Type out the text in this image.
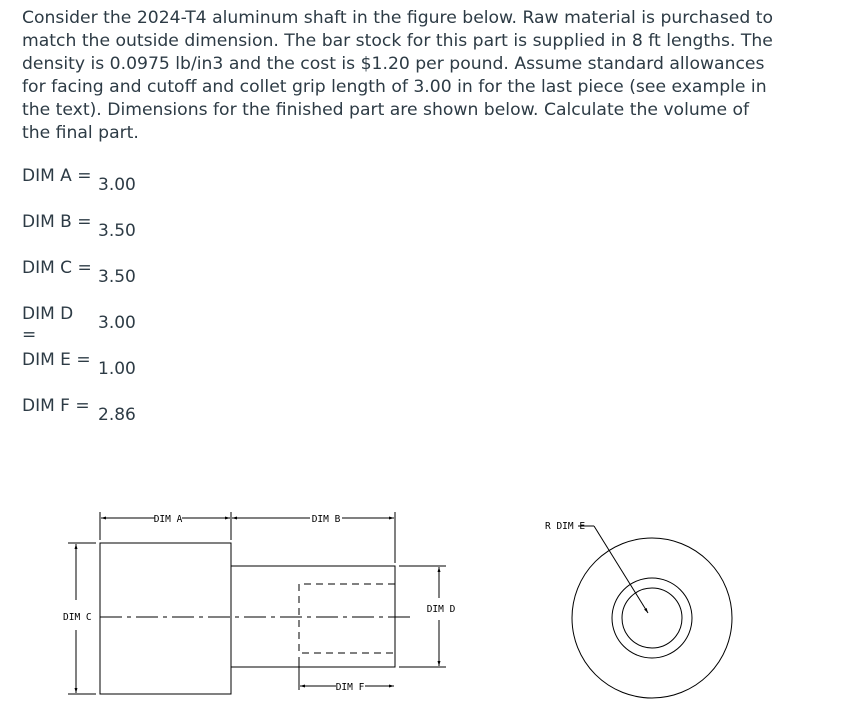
Consider the 2024-T4 aluminum shaft in the figure below. Raw material is purchased to match the outside dimension. The bar stock for this part is supplied in 8 ft lengths. The density is 0.0975 lb/in3 and the cost is $1.20 per pound. Assume standard allowances for facing and cutoff and collet grip length of 3.00 in for the last piece (see example in the text). Dimensions for the finished part are shown below. Calculate the volume of the final part.

DIM A = 3.00
DIM B = 3.50
DIM C = 3.50
DIM D =
3.00
DIM E = 1.00
DIM F = 2.86
DIM A	DIM B
DIM C
DIM D
DIM F
R DIM E
